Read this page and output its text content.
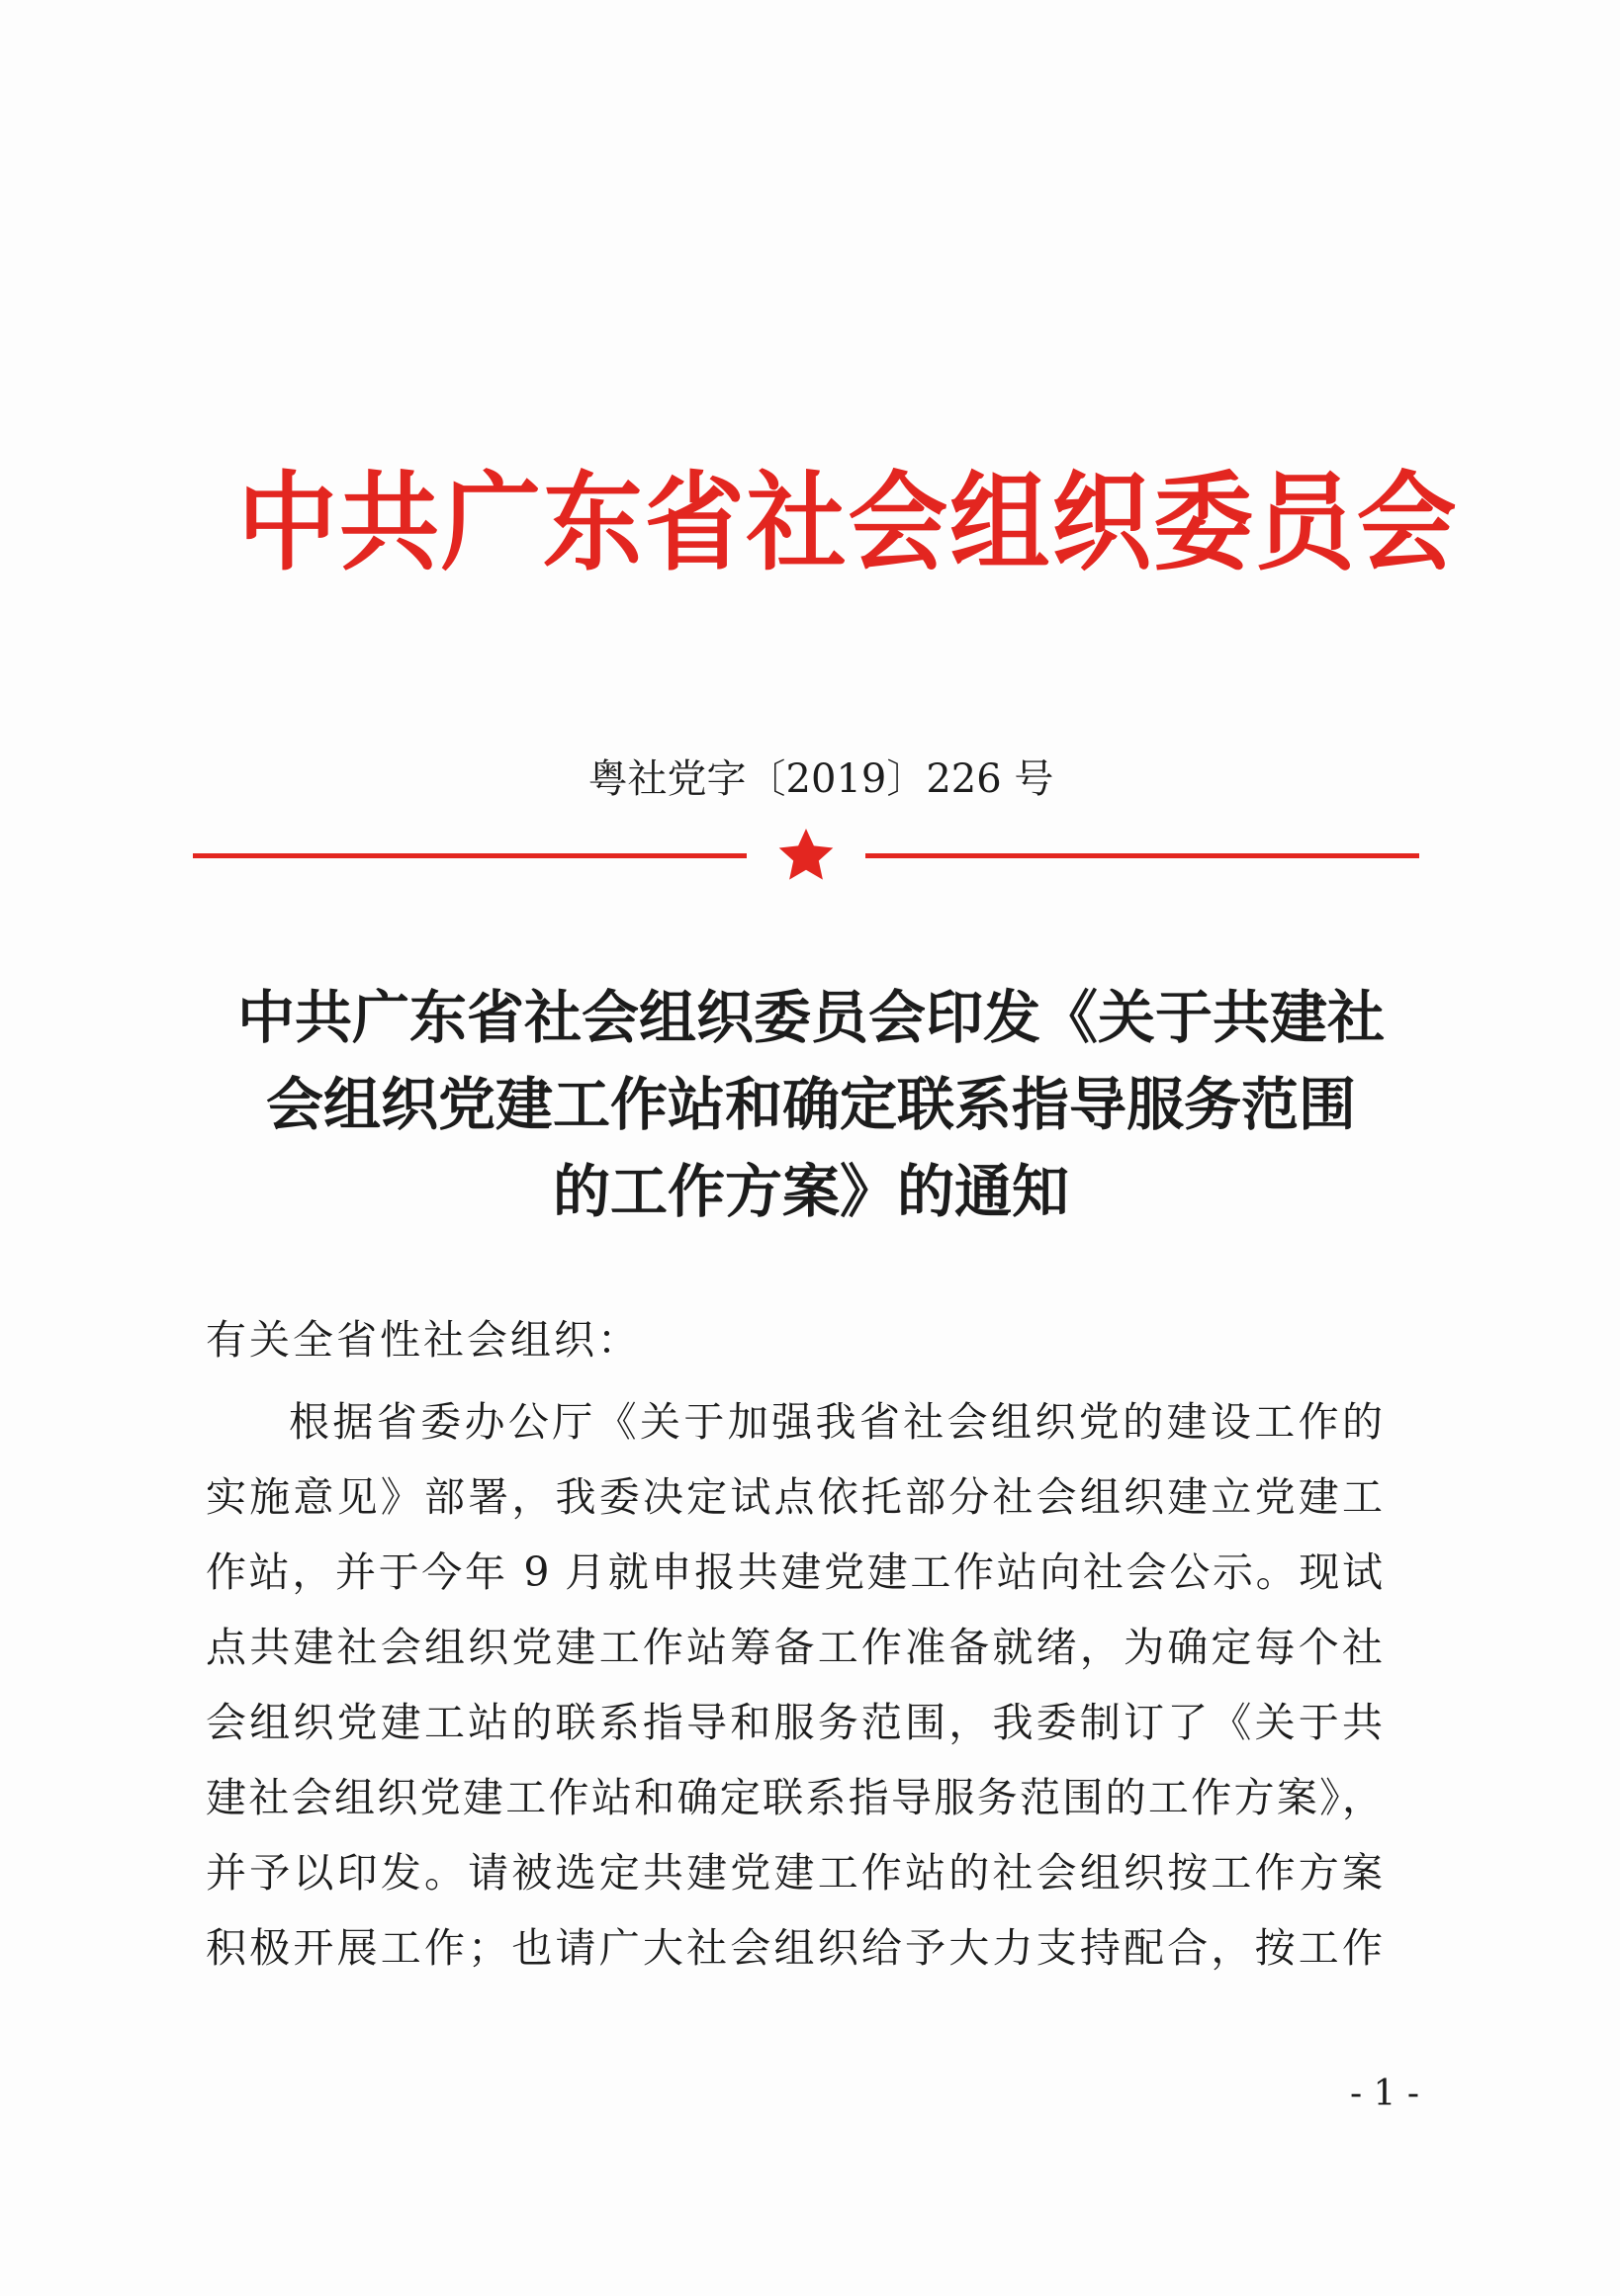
中共广东省社会组织委员会
粤社党字〔2019〕226 号
中共广东省社会组织委员会印发《关于共建社
会组织党建工作站和确定联系指导服务范围
的工作方案》的通知
有关全省性社会组织：
根据省委办公厅《关于加强我省社会组织党的建设工作的
实施意见》部署，我委决定试点依托部分社会组织建立党建工
作站，并于今年 9 月就申报共建党建工作站向社会公示。现试
点共建社会组织党建工作站筹备工作准备就绪，为确定每个社
会组织党建工站的联系指导和服务范围，我委制订了《关于共
建社会组织党建工作站和确定联系指导服务范围的工作方案》，
并予以印发。请被选定共建党建工作站的社会组织按工作方案
积极开展工作；也请广大社会组织给予大力支持配合，按工作
- 1 -
